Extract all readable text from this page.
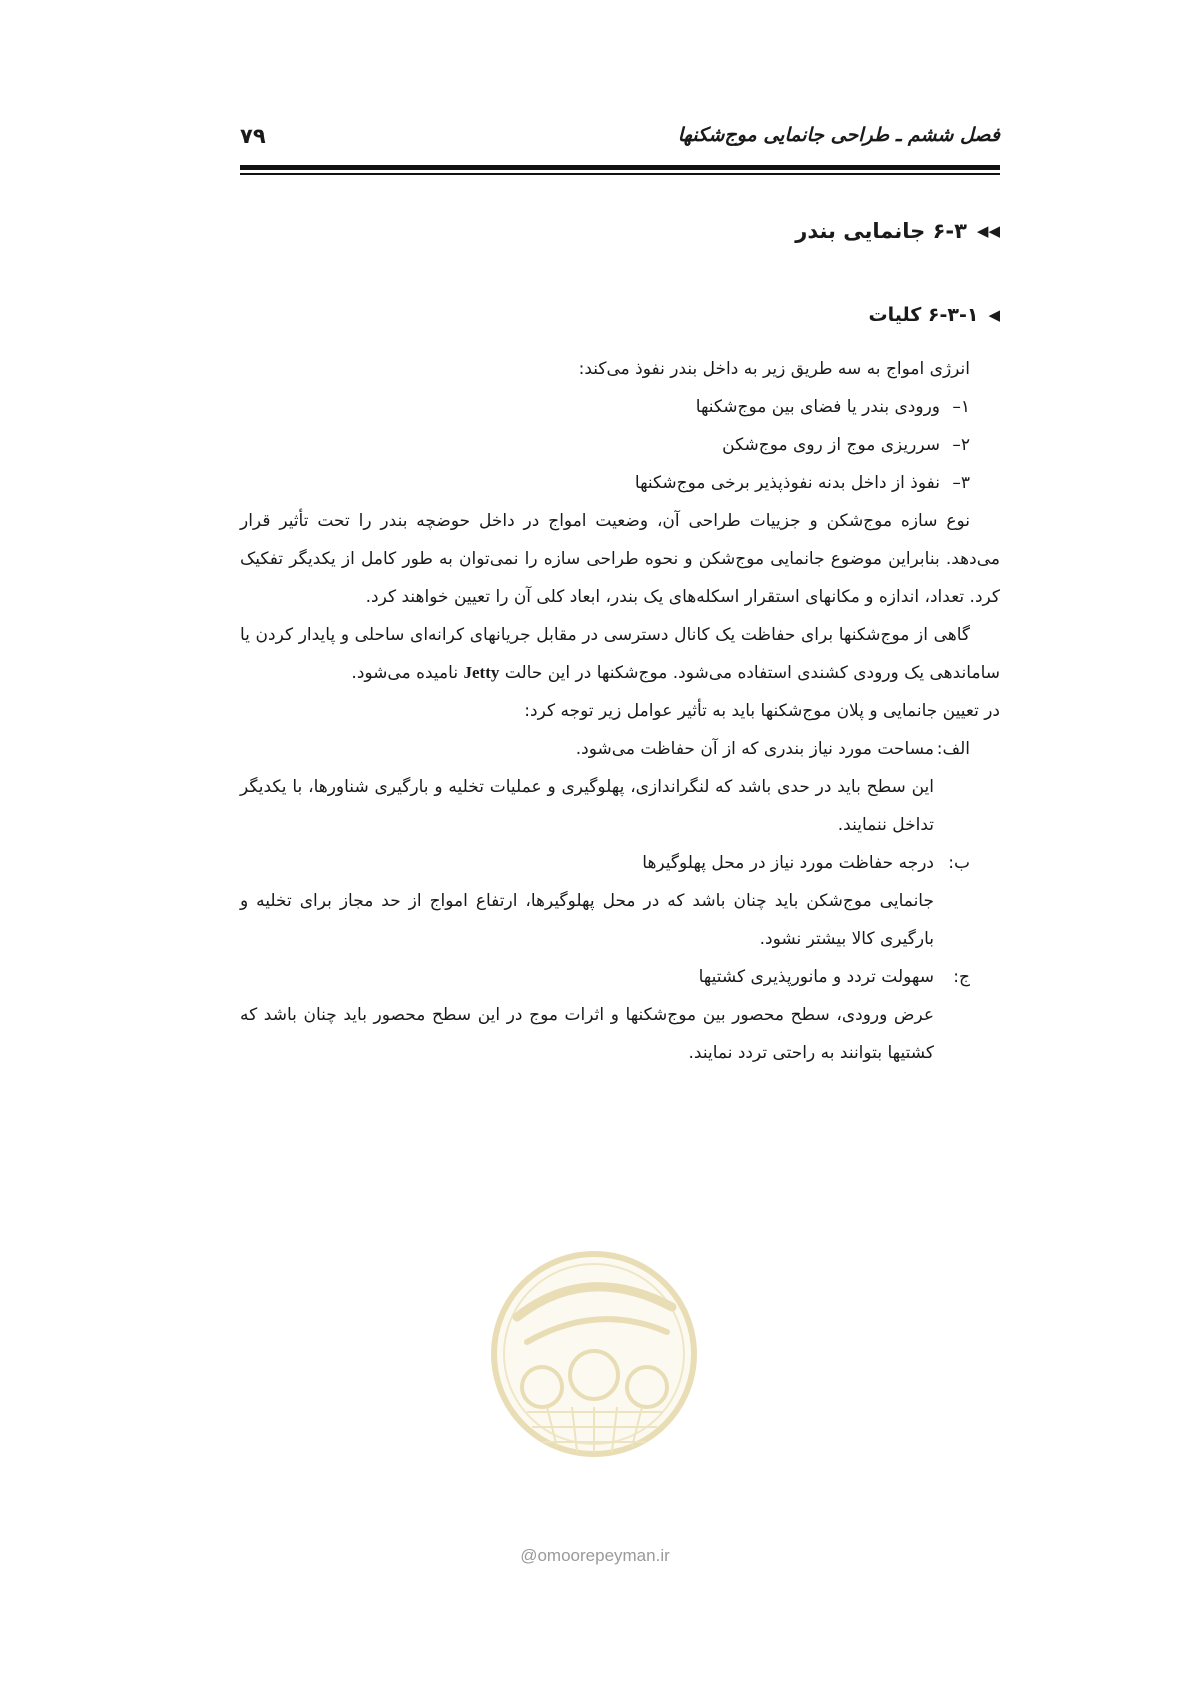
فصل ششم ـ طراحی جانمایی موج‌شکنها
۷۹
◀◀
۶-۳ جانمایی بندر
◀
۶-۳-۱ کلیات

انرژی امواج به سه طریق زیر به داخل بندر نفوذ می‌کند:

۱–
ورودی بندر یا فضای بین موج‌شکنها
۲–
سرریزی موج از روی موج‌شکن
۳–
نفوذ از داخل بدنه نفوذپذیر برخی موج‌شکنها

نوع سازه موج‌شکن و جزییات طراحی آن، وضعیت امواج در داخل حوضچه بندر را تحت تأثیر قرار می‌دهد. بنابراین موضوع جانمایی موج‌شکن و نحوه طراحی سازه را نمی‌توان به طور کامل از یکدیگر تفکیک کرد. تعداد، اندازه و مکانهای استقرار اسکله‌های یک بندر، ابعاد کلی آن را تعیین خواهند کرد.

گاهی از موج‌شکنها برای حفاظت یک کانال دسترسی در مقابل جریانهای کرانه‌ای ساحلی و پایدار کردن یا ساماندهی یک ورودی کشندی استفاده می‌شود. موج‌شکنها در این حالت Jetty نامیده می‌شود.

در تعیین جانمایی و پلان موج‌شکنها باید به تأثیر عوامل زیر توجه کرد:

الف:
مساحت مورد نیاز بندری که از آن حفاظت می‌شود.

این سطح باید در حدی باشد که لنگراندازی، پهلوگیری و عملیات تخلیه و بارگیری شناورها، با یکدیگر تداخل ننمایند.

ب:
درجه حفاظت مورد نیاز در محل پهلوگیرها

جانمایی موج‌شکن باید چنان باشد که در محل پهلوگیرها، ارتفاع امواج از حد مجاز برای تخلیه و بارگیری کالا بیشتر نشود.

ج:
سهولت تردد و مانورپذیری کشتیها

عرض ورودی، سطح محصور بین موج‌شکنها و اثرات موج در این سطح محصور باید چنان باشد که کشتیها بتوانند به راحتی تردد نمایند.

@omoorepeyman.ir
